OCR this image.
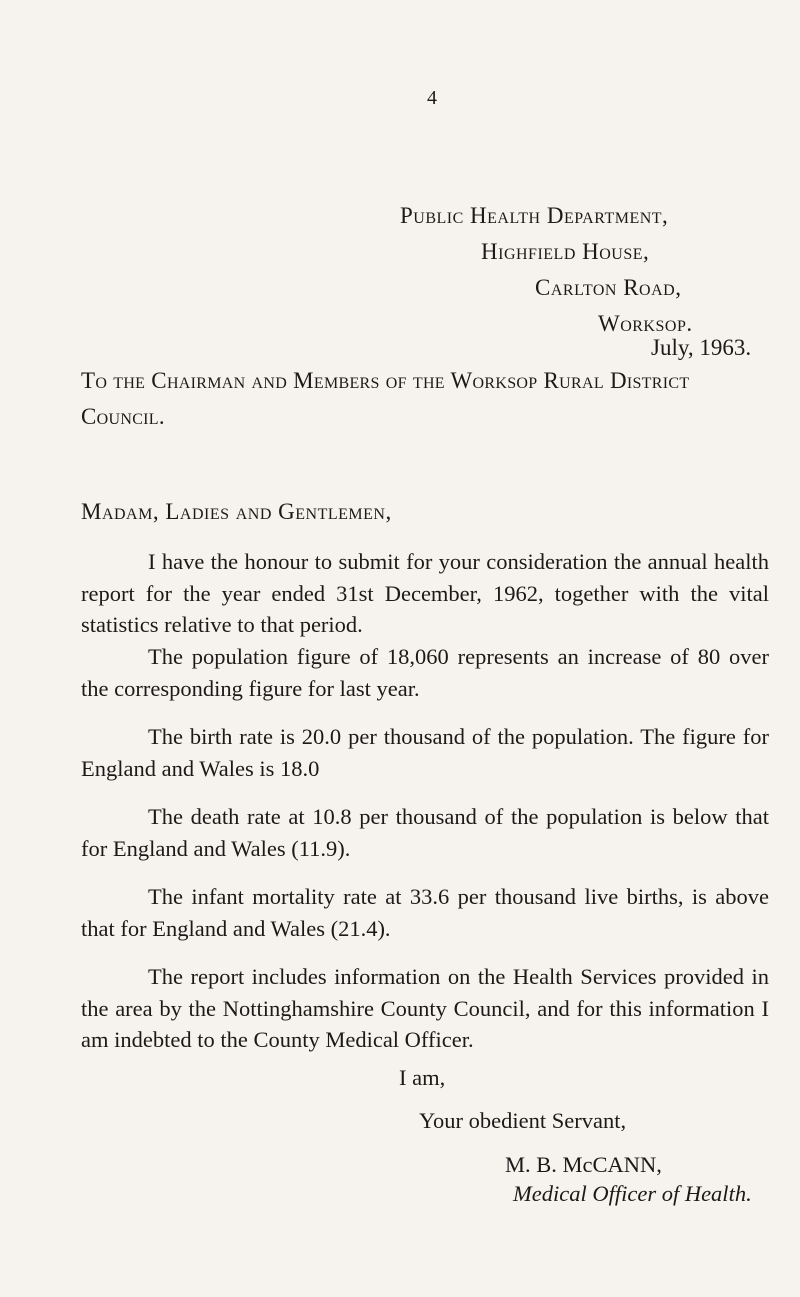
4
Public Health Department,
Highfield House,
Carlton Road,
Worksop.
July, 1963.
To the Chairman and Members of the Worksop Rural District Council.
Madam, Ladies and Gentlemen,
I have the honour to submit for your consideration the annual health report for the year ended 31st December, 1962, together with the vital statistics relative to that period.
The population figure of 18,060 represents an increase of 80 over the corresponding figure for last year.
The birth rate is 20.0 per thousand of the population. The figure for England and Wales is 18.0
The death rate at 10.8 per thousand of the population is below that for England and Wales (11.9).
The infant mortality rate at 33.6 per thousand live births, is above that for England and Wales (21.4).
The report includes information on the Health Services provided in the area by the Nottinghamshire County Council, and for this information I am indebted to the County Medical Officer.
I am,
Your obedient Servant,
M. B. McCANN,
Medical Officer of Health.
